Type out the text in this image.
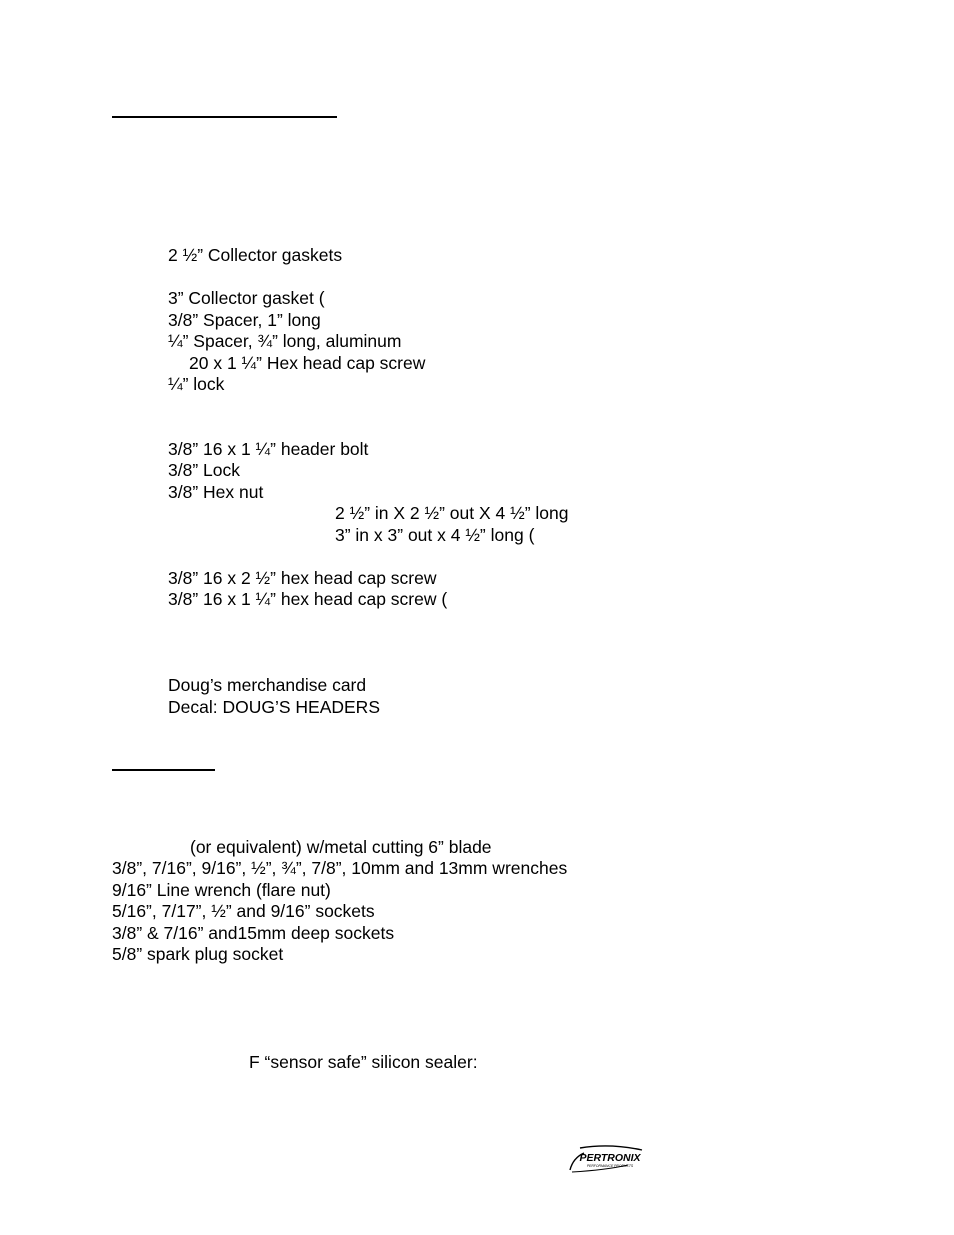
2 ½” Collector gaskets
3” Collector gasket (
3/8” Spacer, 1” long
¼” Spacer, ¾” long, aluminum
20 x 1 ¼” Hex head cap screw
¼” lock
3/8” 16 x 1 ¼” header bolt
3/8” Lock
3/8” Hex nut
2 ½” in X 2 ½” out X 4 ½” long
3” in x 3” out x 4 ½” long (
3/8” 16 x 2 ½” hex head cap screw
3/8” 16 x 1 ¼” hex head cap screw (
Doug’s merchandise card
Decal: DOUG’S HEADERS
(or equivalent) w/metal cutting 6” blade
3/8”, 7/16”, 9/16”, ½”, ¾”, 7/8”, 10mm and 13mm wrenches
9/16” Line wrench (flare nut)
5/16”, 7/17”, ½” and 9/16” sockets
3/8” & 7/16” and15mm deep sockets
5/8” spark plug socket
F “sensor safe” silicon sealer:
PERTRONIX
PERFORMANCE PRODUCTS
